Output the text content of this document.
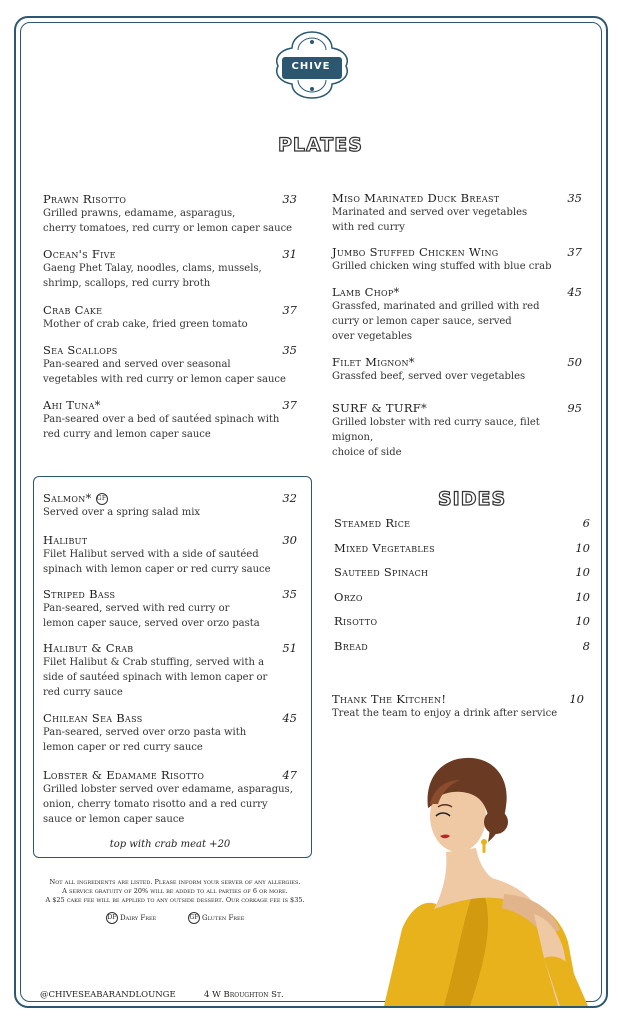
CHIVE
seafood & lounge
PLATES
Prawn Risotto	33
Grilled prawns, edamame, asparagus,
cherry tomatoes, red curry or lemon caper sauce
Ocean's Five	31
Gaeng Phet Talay, noodles, clams, mussels,
shrimp, scallops, red curry broth
Crab Cake	37
Mother of crab cake, fried green tomato
Sea Scallops	35
Pan-seared and served over seasonal
vegetables with red curry or lemon caper sauce
Ahi Tuna*	37
Pan-seared over a bed of sautéed spinach with
red curry and lemon caper sauce
Miso Marinated Duck Breast	35
Marinated and served over vegetables
with red curry
Jumbo Stuffed Chicken Wing	37
Grilled chicken wing stuffed with blue crab
Lamb Chop*	45
Grassfed, marinated and grilled with red
curry or lemon caper sauce, served
over vegetables
Filet Mignon*	50
Grassfed beef, served over vegetables
SURF & TURF*	95
Grilled lobster with red curry sauce, filet mignon,
choice of side
Salmon* GF	32
Served over a spring salad mix
Halibut	30
Filet Halibut served with a side of sautéed
spinach with lemon caper or red curry sauce
Striped Bass	35
Pan-seared, served with red curry or
lemon caper sauce, served over orzo pasta
Halibut & Crab	51
Filet Halibut & Crab stuffing, served with a
side of sautéed spinach with lemon caper or
red curry sauce
Chilean Sea Bass	45
Pan-seared, served over orzo pasta with
lemon caper or red curry sauce
Lobster & Edamame Risotto	47
Grilled lobster served over edamame, asparagus,
onion, cherry tomato risotto and a red curry
sauce or lemon caper sauce
top with crab meat +20
SIDES
Steamed Rice	6
Mixed Vegetables	10
Sauteed Spinach	10
Orzo	10
Risotto	10
Bread	8
Thank The Kitchen!	10
Treat the team to enjoy a drink after service
Not all ingredients are listed. Please inform your server of any allergies.
A service gratuity of 20% will be added to all parties of 6 or more.
A $25 cake fee will be applied to any outside dessert. Our corkage fee is $35.
DF Dairy Free	GF Gluten Free
@CHIVESEABARANDLOUNGE	4 W Broughton St.
